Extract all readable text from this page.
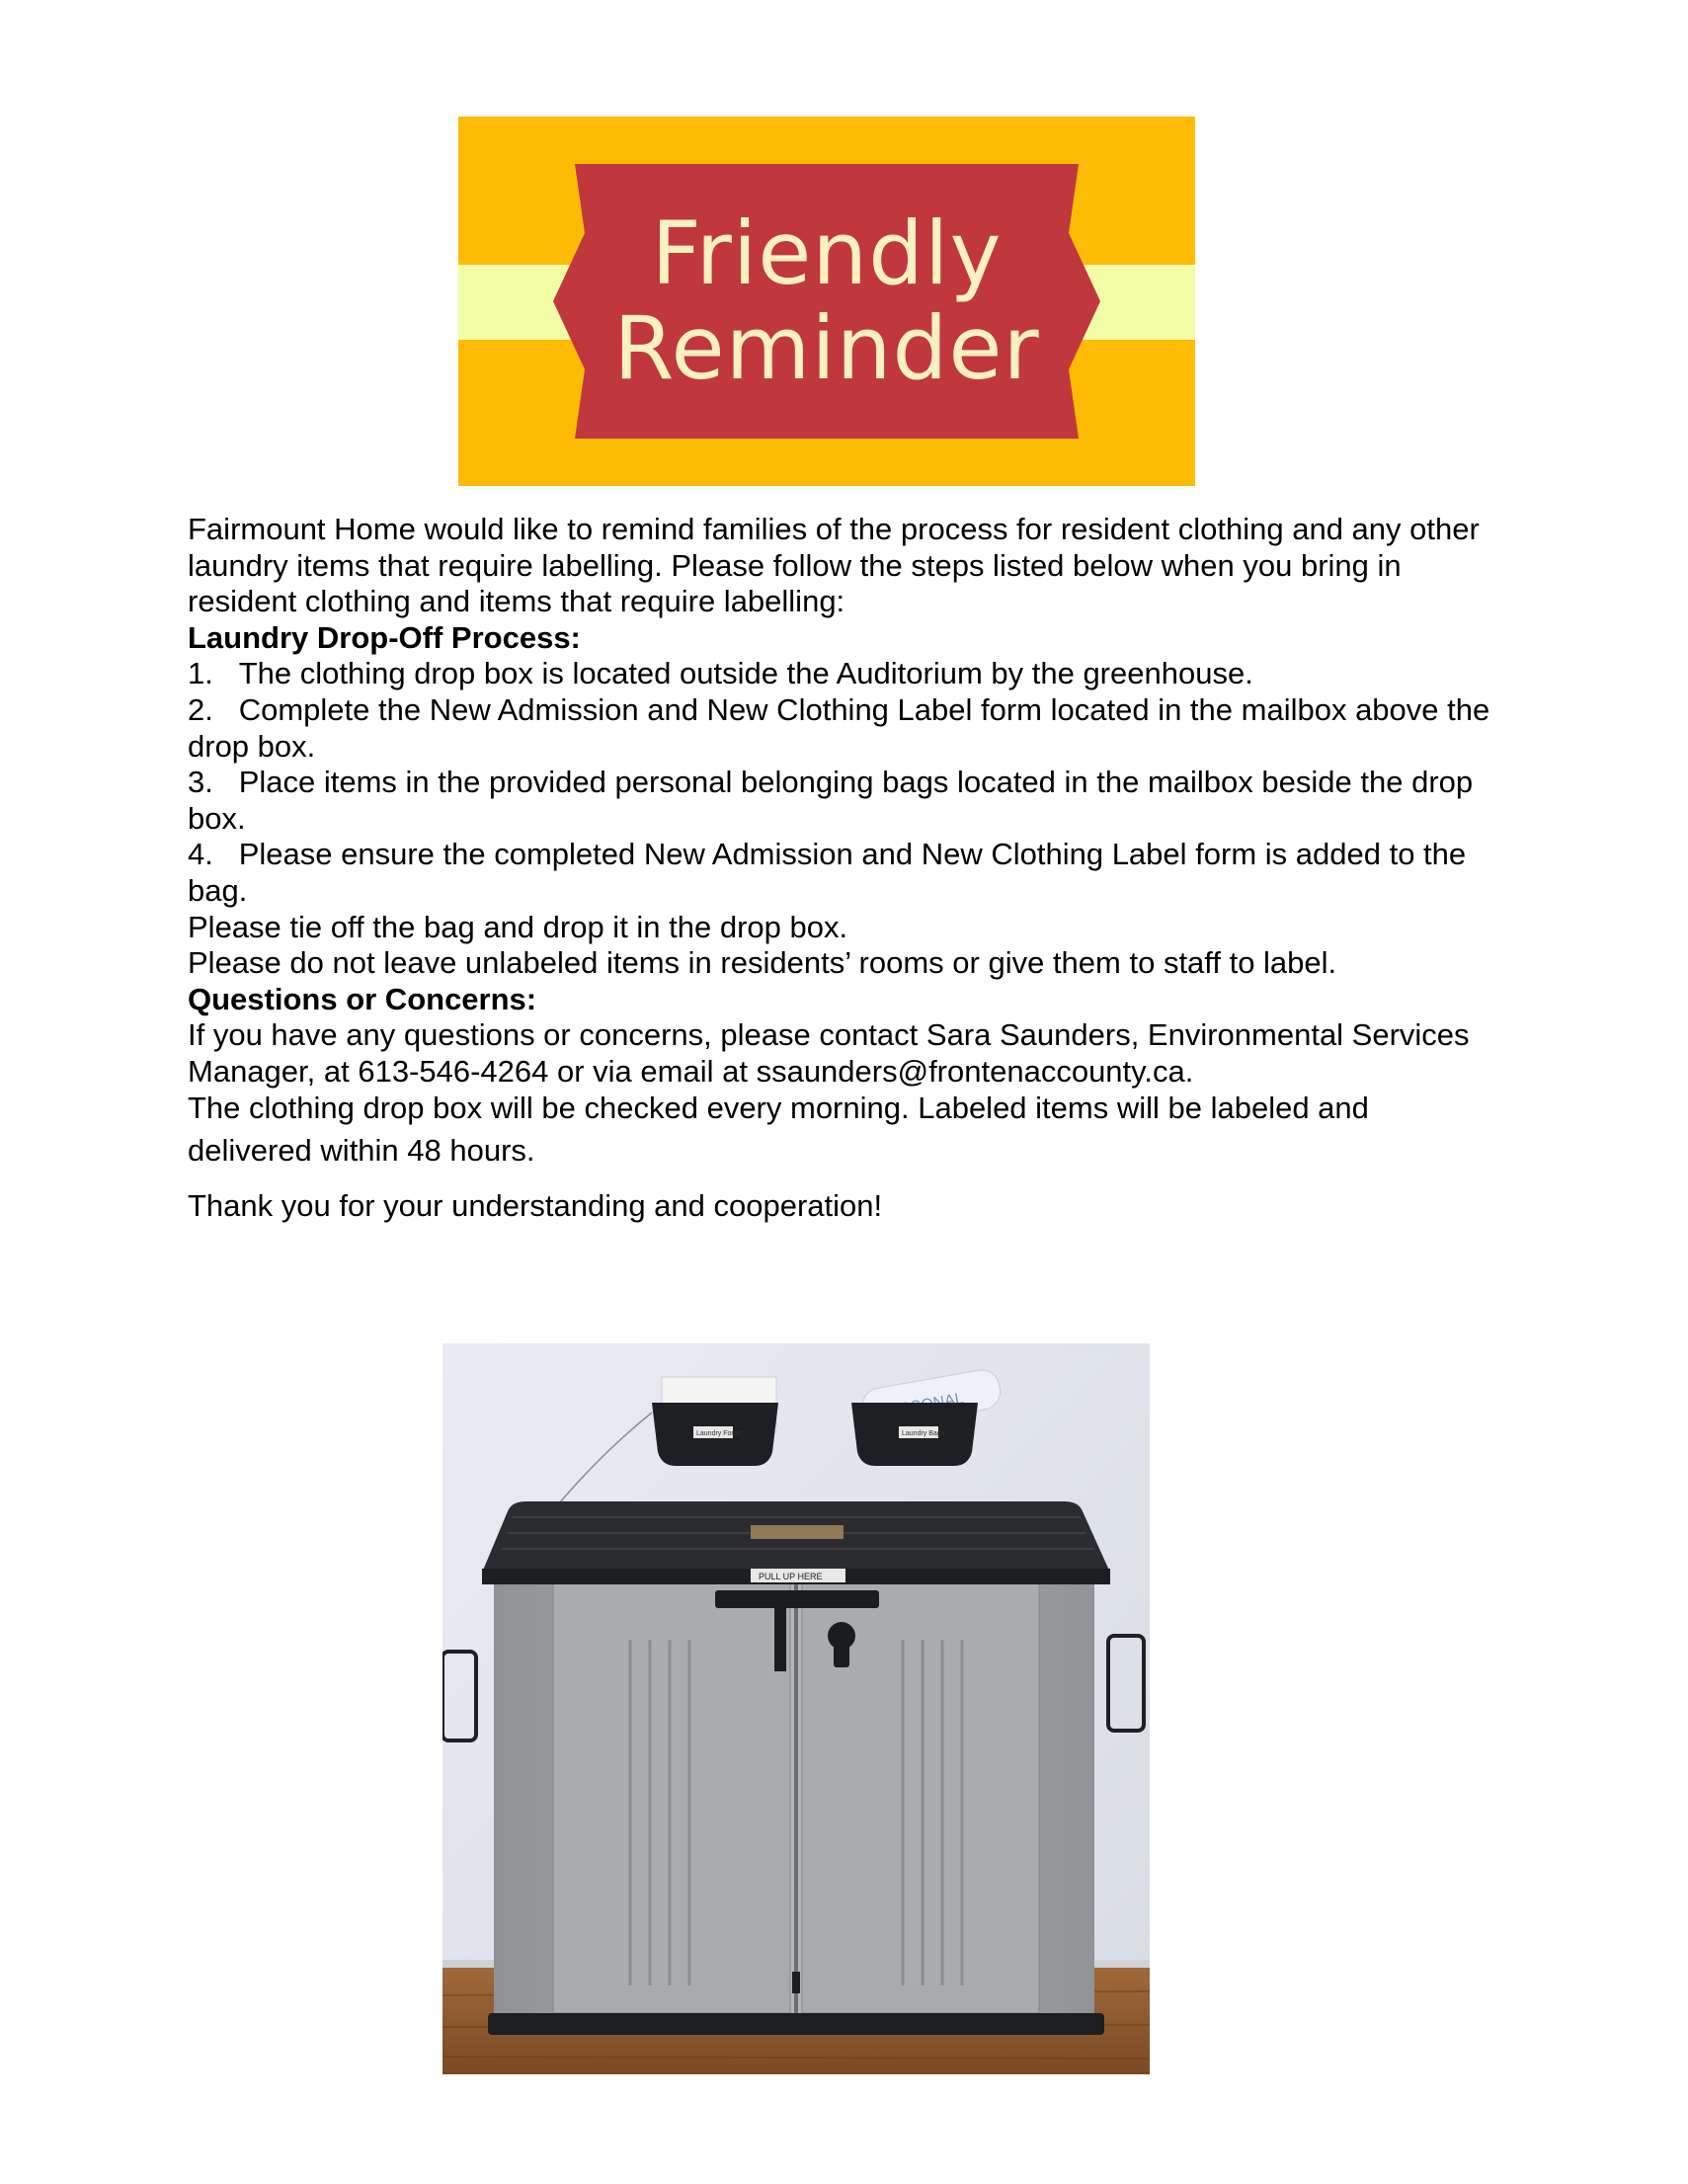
Friendly
Reminder

Fairmount Home would like to remind families of the process for resident clothing and any other laundry items that require labelling. Please follow the steps listed below when you bring in resident clothing and items that require labelling:

Laundry Drop-Off Process:

1. The clothing drop box is located outside the Auditorium by the greenhouse.

2. Complete the New Admission and New Clothing Label form located in the mailbox above the drop box.

3. Place items in the provided personal belonging bags located in the mailbox beside the drop box.

4. Please ensure the completed New Admission and New Clothing Label form is added to the bag.

Please tie off the bag and drop it in the drop box.

Please do not leave unlabeled items in residents’ rooms or give them to staff to label.

Questions or Concerns:

If you have any questions or concerns, please contact Sara Saunders, Environmental Services Manager, at 613-546-4264 or via email at ssaunders@frontenaccounty.ca.

The clothing drop box will be checked every morning. Labeled items will be labeled and

delivered within 48 hours.

Thank you for your understanding and cooperation!

Laundry Forms	Laundry Bags
PULL UP HERE
